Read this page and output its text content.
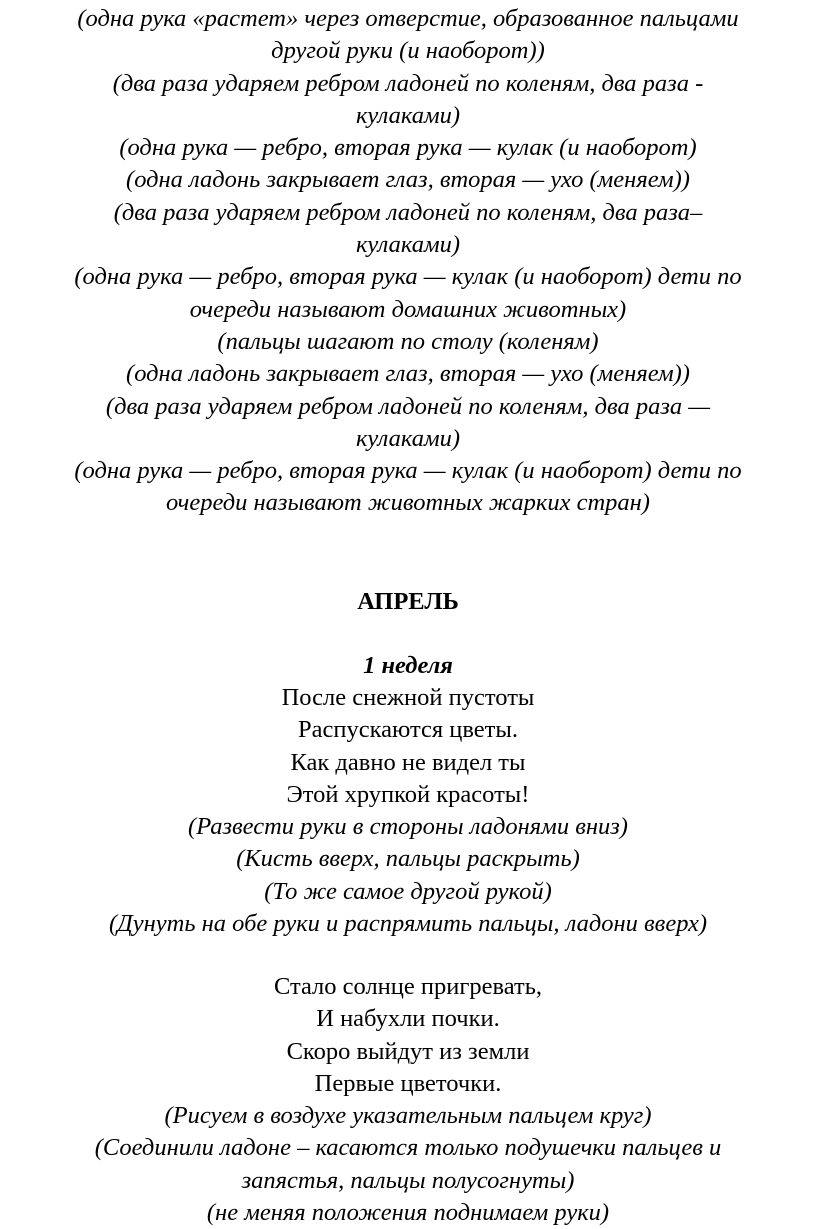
(одна рука «растет» через отверстие, образованное пальцами
другой руки (и наоборот))
(два раза ударяем ребром ладоней по коленям, два раза -
кулаками)
(одна рука — ребро, вторая рука — кулак (и наоборот)
(одна ладонь закрывает глаз, вторая — ухо (меняем))
(два раза ударяем ребром ладоней по коленям, два раза–
кулаками)
(одна рука — ребро, вторая рука — кулак (и наоборот) дети по
очереди называют домашних животных)
(пальцы шагают по столу (коленям)
(одна ладонь закрывает глаз, вторая — ухо (меняем))
(два раза ударяем ребром ладоней по коленям, два раза —
кулаками)
(одна рука — ребро, вторая рука — кулак (и наоборот) дети по
очереди называют животных жарких стран)
АПРЕЛЬ
1 неделя
После снежной пустоты
Распускаются цветы.
Как давно не видел ты
Этой хрупкой красоты!
(Развести руки в стороны ладонями вниз)
(Кисть вверх, пальцы раскрыть)
(То же самое другой рукой)
(Дунуть на обе руки и распрямить пальцы, ладони вверх)
Стало солнце пригревать,
И набухли почки.
Скоро выйдут из земли
Первые цветочки.
(Рисуем в воздухе указательным пальцем круг)
(Соединили ладоне – касаются только подушечки пальцев и
запястья, пальцы полусогнуты)
(не меняя положения поднимаем руки)
